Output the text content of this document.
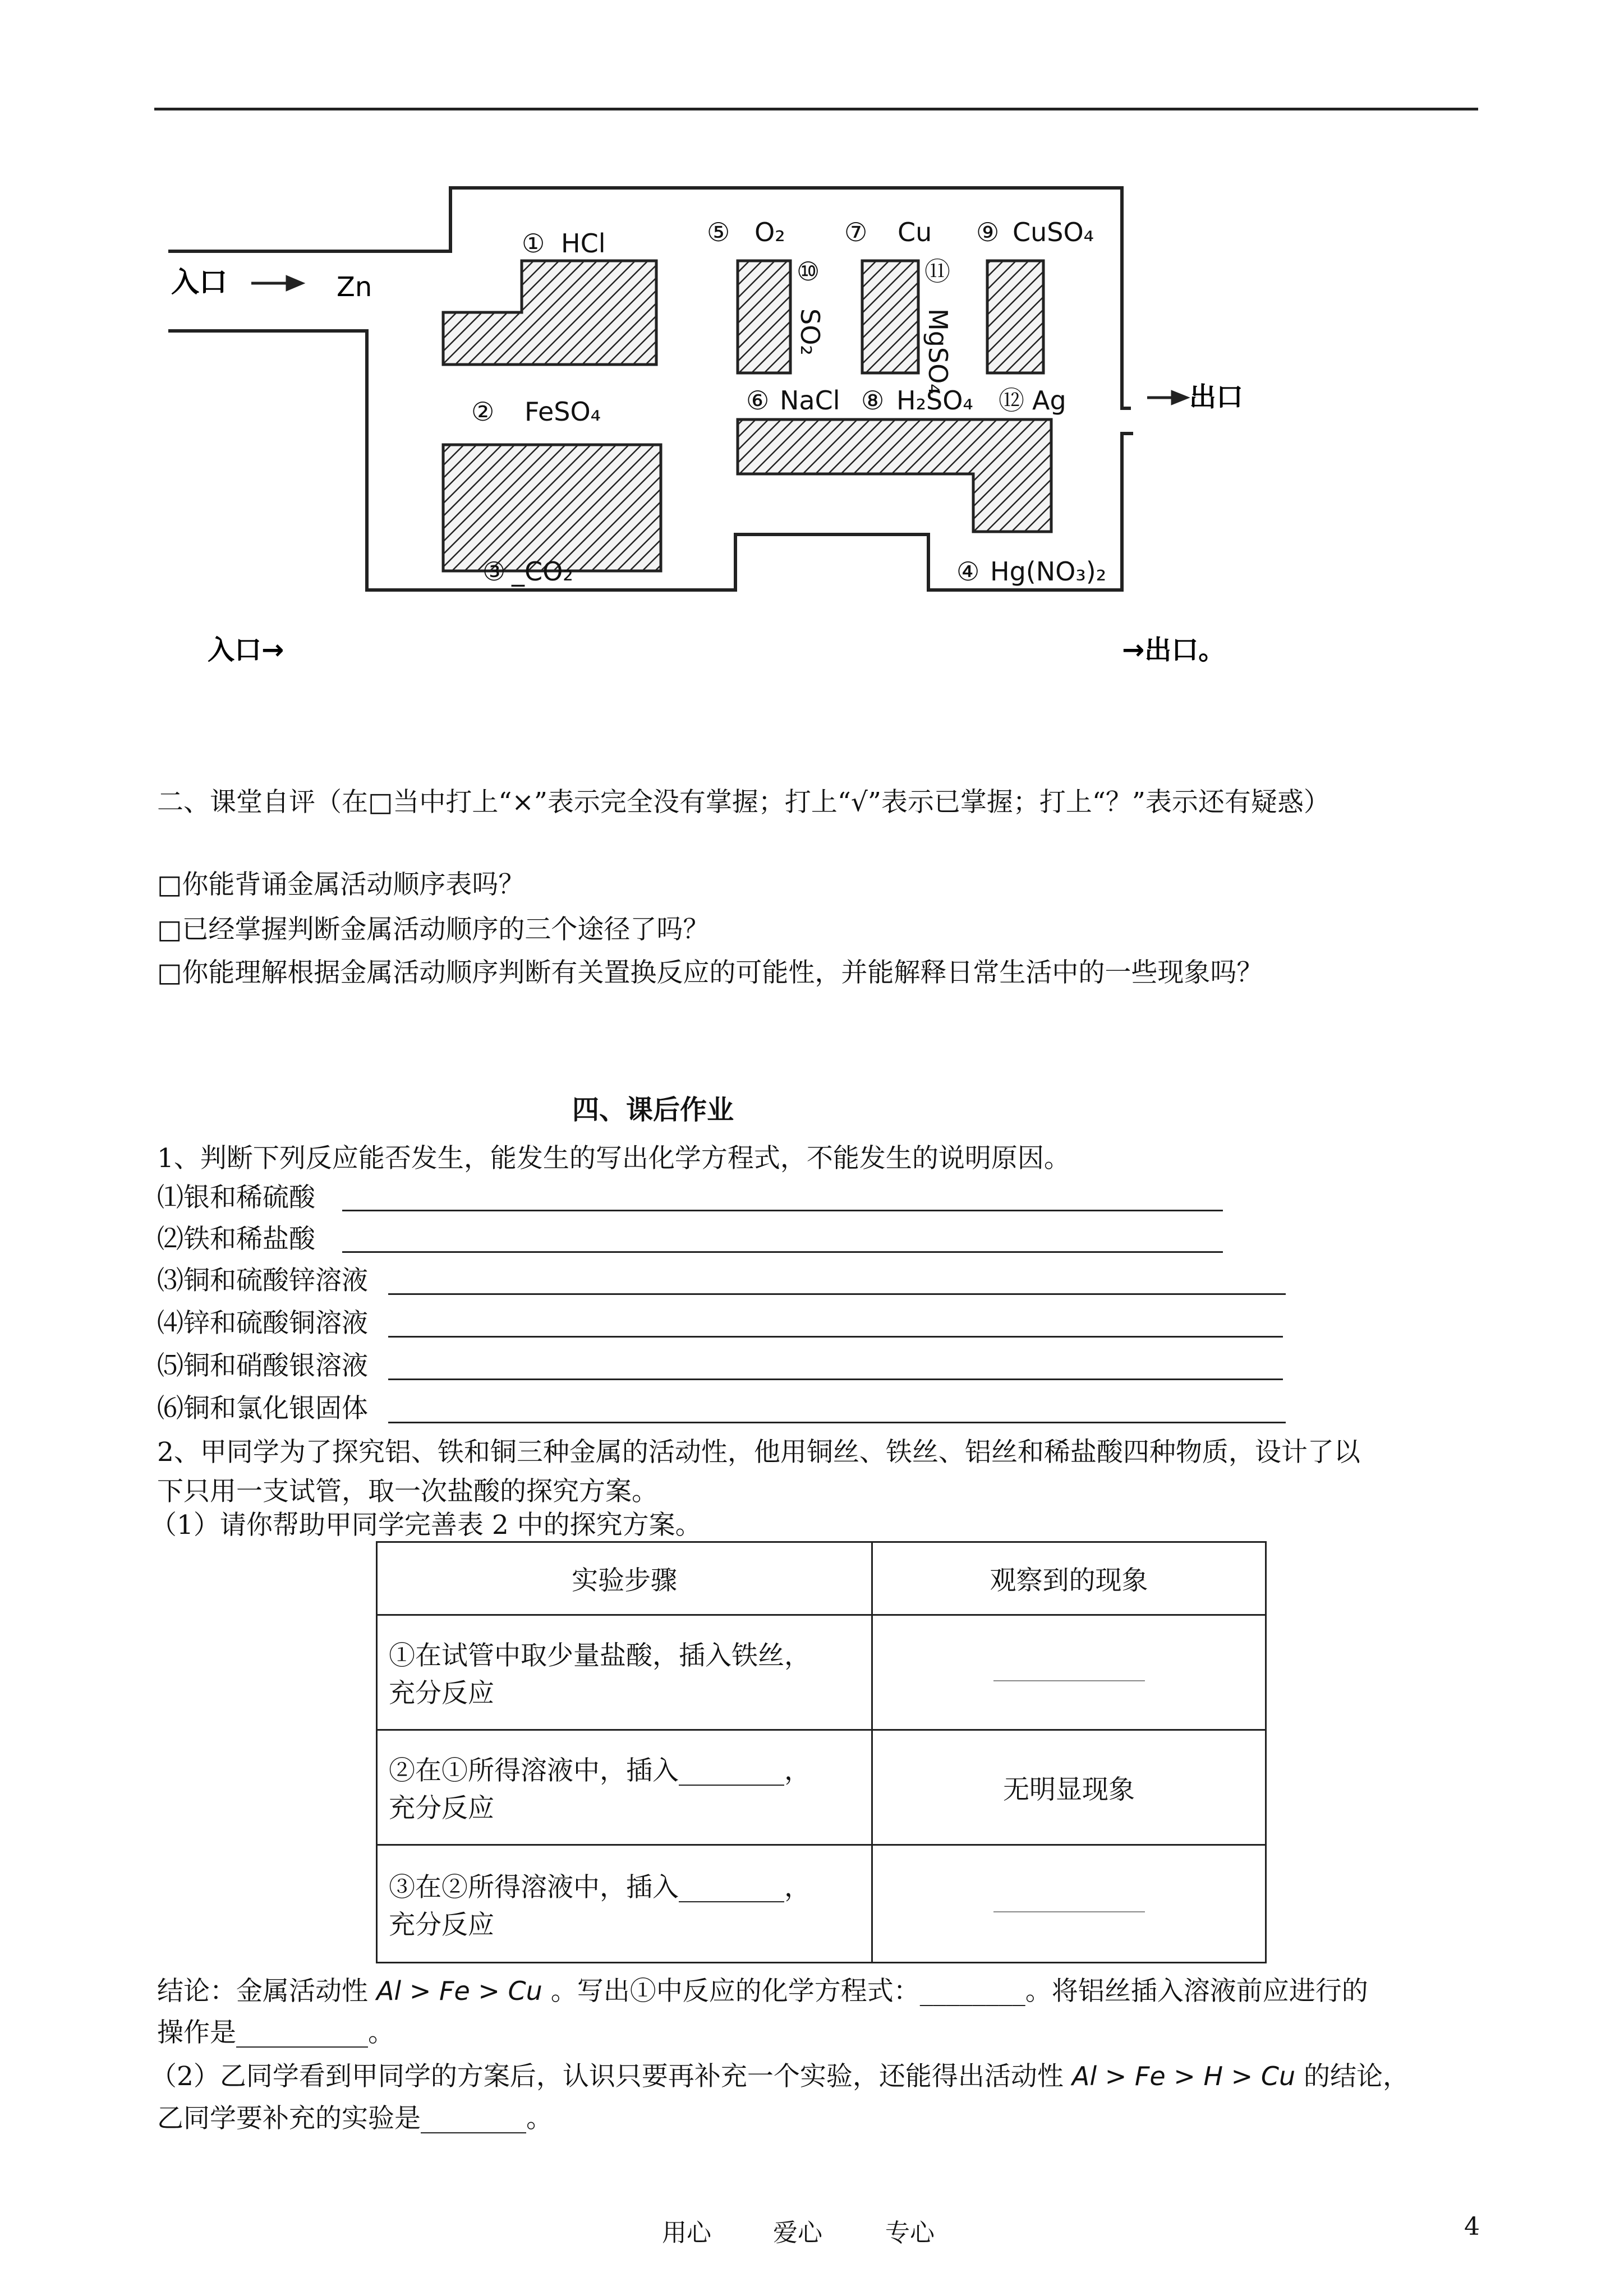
入口	Zn
出口
① HCl
② FeSO₄
③ _CO₂	④ Hg(NO₃)₂
⑤ O₂
⑥ NaCl
⑦ Cu
⑧ H₂SO₄
⑨ CuSO₄
⑩
SO₂
⑪
MgSO₄
⑫ Ag
入口→	→出口。
二、课堂自评（在□当中打上“×”表示完全没有掌握；打上“√”表示已掌握；打上“？”表示还有疑惑）
□你能背诵金属活动顺序表吗？
□已经掌握判断金属活动顺序的三个途径了吗？
□你能理解根据金属活动顺序判断有关置换反应的可能性，并能解释日常生活中的一些现象吗？
四、课后作业
1、判断下列反应能否发生，能发生的写出化学方程式，不能发生的说明原因。
⑴银和稀硫酸
⑵铁和稀盐酸
⑶铜和硫酸锌溶液
⑷锌和硫酸铜溶液
⑸铜和硝酸银溶液
⑹铜和氯化银固体
2、甲同学为了探究铝、铁和铜三种金属的活动性，他用铜丝、铁丝、铝丝和稀盐酸四种物质，设计了以
下只用一支试管，取一次盐酸的探究方案。
（1）请你帮助甲同学完善表 2 中的探究方案。
实验步骤	观察到的现象

①在试管中取少量盐酸，插入铁丝，
充分反应	

②在①所得溶液中，插入________，
充分反应	无明显现象

③在②所得溶液中，插入________，
充分反应	

结论：金属活动性 Al > Fe > Cu 。写出①中反应的化学方程式：________。将铝丝插入溶液前应进行的
操作是__________。
（2）乙同学看到甲同学的方案后，认识只要再补充一个实验，还能得出活动性 Al > Fe > H > Cu 的结论，
乙同学要补充的实验是________。
用心	爱心	专心	4
